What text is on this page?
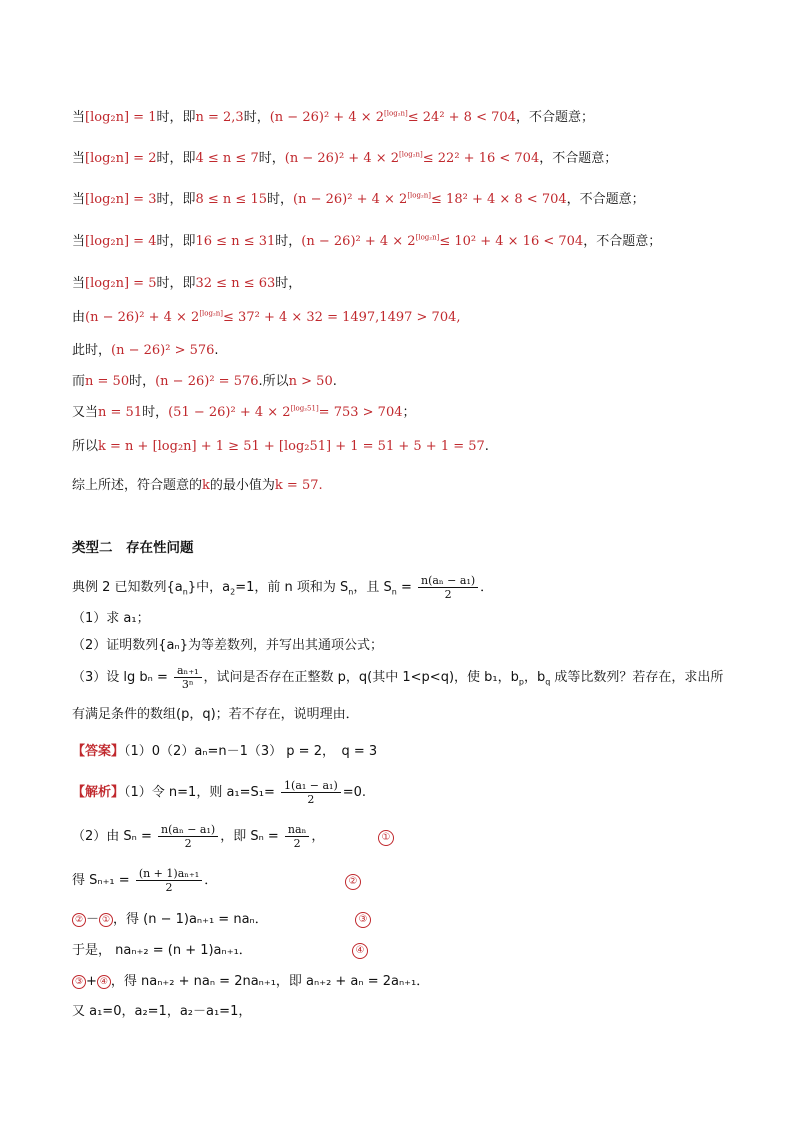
当[log₂n] = 1时，即n = 2,3时，(n − 26)² + 4 × 2[log₂n]≤ 24² + 8 < 704，不合题意；
当[log₂n] = 2时，即4 ≤ n ≤ 7时，(n − 26)² + 4 × 2[log₂n]≤ 22² + 16 < 704，不合题意；
当[log₂n] = 3时，即8 ≤ n ≤ 15时，(n − 26)² + 4 × 2[log₂n]≤ 18² + 4 × 8 < 704，不合题意；
当[log₂n] = 4时，即16 ≤ n ≤ 31时，(n − 26)² + 4 × 2[log₂n]≤ 10² + 4 × 16 < 704，不合题意；
当[log₂n] = 5时，即32 ≤ n ≤ 63时，
由(n − 26)² + 4 × 2[log₂n]≤ 37² + 4 × 32 = 1497,1497 > 704,
此时，(n − 26)² > 576.
而n = 50时，(n − 26)² = 576.所以n > 50.
又当n = 51时，(51 − 26)² + 4 × 2[log₂51]= 753 > 704；
所以k = n + [log₂n] + 1 ≥ 51 + [log₂51] + 1 = 51 + 5 + 1 = 57.
综上所述，符合题意的k的最小值为k = 57.
类型二　存在性问题
典例 2 已知数列$\{a_n\}$中，$a_2=1$，前 n 项和为 $S_n$，且 $S_n = \frac{\text{n(aₙ − a₁)}}{2}$ ．
（1）求 a₁；
（2）证明数列{aₙ}为等差数列，并写出其通项公式；
（3）设 $\lg b_n = \frac{\text{aₙ₊₁}}{\text{3ⁿ}}$ ，试问是否存在正整数 p，q(其中 1<p<q)，使 b₁，$b_p$，$b_q$ 成等比数列？若存在，求出所
有满足条件的数组(p，q)；若不存在，说明理由．
【答案】（1）0（2）aₙ=n－1（3） p = 2，　q = 3
【解析】（1）令 n=1，则 $a_1=S_1= \frac{\text{1(a₁ − a₁)}}{2} =0$.
（2）由 $S_n = \frac{\text{n(aₙ − a₁)}}{2}$ ，即 $S_n = \frac{\text{naₙ}}{2}$ ，	①
得 $S_{n+1} = \frac{\text{(n + 1)aₙ₊₁}}{2}$ ．	②
② － ① ，得 (n − 1)aₙ₊₁ = naₙ．	③
于是， naₙ₊₂ = (n + 1)aₙ₊₁．	④
③ + ④ ，得 naₙ₊₂ + naₙ = 2naₙ₊₁，即 aₙ₊₂ + aₙ = 2aₙ₊₁．
又 a₁=0，a₂=1，a₂－a₁=1，
